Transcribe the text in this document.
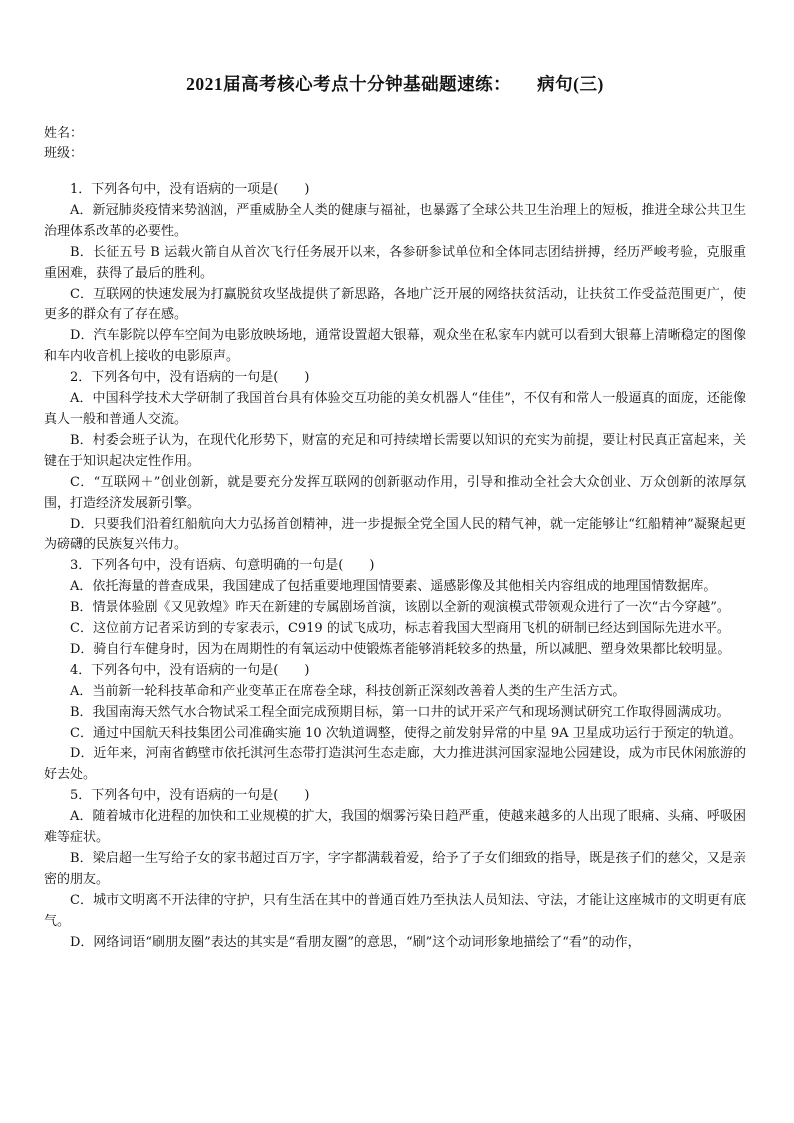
2021届高考核心考点十分钟基础题速练： 病句(三)
姓名：
班级：

1．下列各句中，没有语病的一项是(　　)

A．新冠肺炎疫情来势汹汹，严重威胁全人类的健康与福祉，也暴露了全球公共卫生治理上的短板，推进全球公共卫生治理体系改革的必要性。

B．长征五号 B 运载火箭自从首次飞行任务展开以来，各参研参试单位和全体同志团结拼搏，经历严峻考验，克服重重困难，获得了最后的胜利。

C．互联网的快速发展为打赢脱贫攻坚战提供了新思路，各地广泛开展的网络扶贫活动，让扶贫工作受益范围更广，使更多的群众有了存在感。

D．汽车影院以停车空间为电影放映场地，通常设置超大银幕，观众坐在私家车内就可以看到大银幕上清晰稳定的图像和车内收音机上接收的电影原声。

2．下列各句中，没有语病的一句是(　　)

A．中国科学技术大学研制了我国首台具有体验交互功能的美女机器人“佳佳”，不仅有和常人一般逼真的面庞，还能像真人一般和普通人交流。

B．村委会班子认为，在现代化形势下，财富的充足和可持续增长需要以知识的充实为前提，要让村民真正富起来，关键在于知识起决定性作用。

C．“互联网＋”创业创新，就是要充分发挥互联网的创新驱动作用，引导和推动全社会大众创业、万众创新的浓厚氛围，打造经济发展新引擎。

D．只要我们沿着红船航向大力弘扬首创精神，进一步提振全党全国人民的精气神，就一定能够让“红船精神”凝聚起更为磅礴的民族复兴伟力。

3．下列各句中，没有语病、句意明确的一句是(　　)

A．依托海量的普查成果，我国建成了包括重要地理国情要素、遥感影像及其他相关内容组成的地理国情数据库。

B．情景体验剧《又见敦煌》昨天在新建的专属剧场首演，该剧以全新的观演模式带领观众进行了一次“古今穿越”。

C．这位前方记者采访到的专家表示，C919 的试飞成功，标志着我国大型商用飞机的研制已经达到国际先进水平。

D．骑自行车健身时，因为在周期性的有氧运动中使锻炼者能够消耗较多的热量，所以减肥、塑身效果都比较明显。

4．下列各句中，没有语病的一句是(　　)

A．当前新一轮科技革命和产业变革正在席卷全球，科技创新正深刻改善着人类的生产生活方式。

B．我国南海天然气水合物试采工程全面完成预期目标，第一口井的试开采产气和现场测试研究工作取得圆满成功。

C．通过中国航天科技集团公司准确实施 10 次轨道调整，使得之前发射异常的中星 9A 卫星成功运行于预定的轨道。

D．近年来，河南省鹤壁市依托淇河生态带打造淇河生态走廊，大力推进淇河国家湿地公园建设，成为市民休闲旅游的好去处。

5．下列各句中，没有语病的一句是(　　)

A．随着城市化进程的加快和工业规模的扩大，我国的烟雾污染日趋严重，使越来越多的人出现了眼痛、头痛、呼吸困难等症状。

B．梁启超一生写给子女的家书超过百万字，字字都满载着爱，给予了子女们细致的指导，既是孩子们的慈父，又是亲密的朋友。

C．城市文明离不开法律的守护，只有生活在其中的普通百姓乃至执法人员知法、守法，才能让这座城市的文明更有底气。

D．网络词语“刷朋友圈”表达的其实是“看朋友圈”的意思，“刷”这个动词形象地描绘了“看”的动作，
